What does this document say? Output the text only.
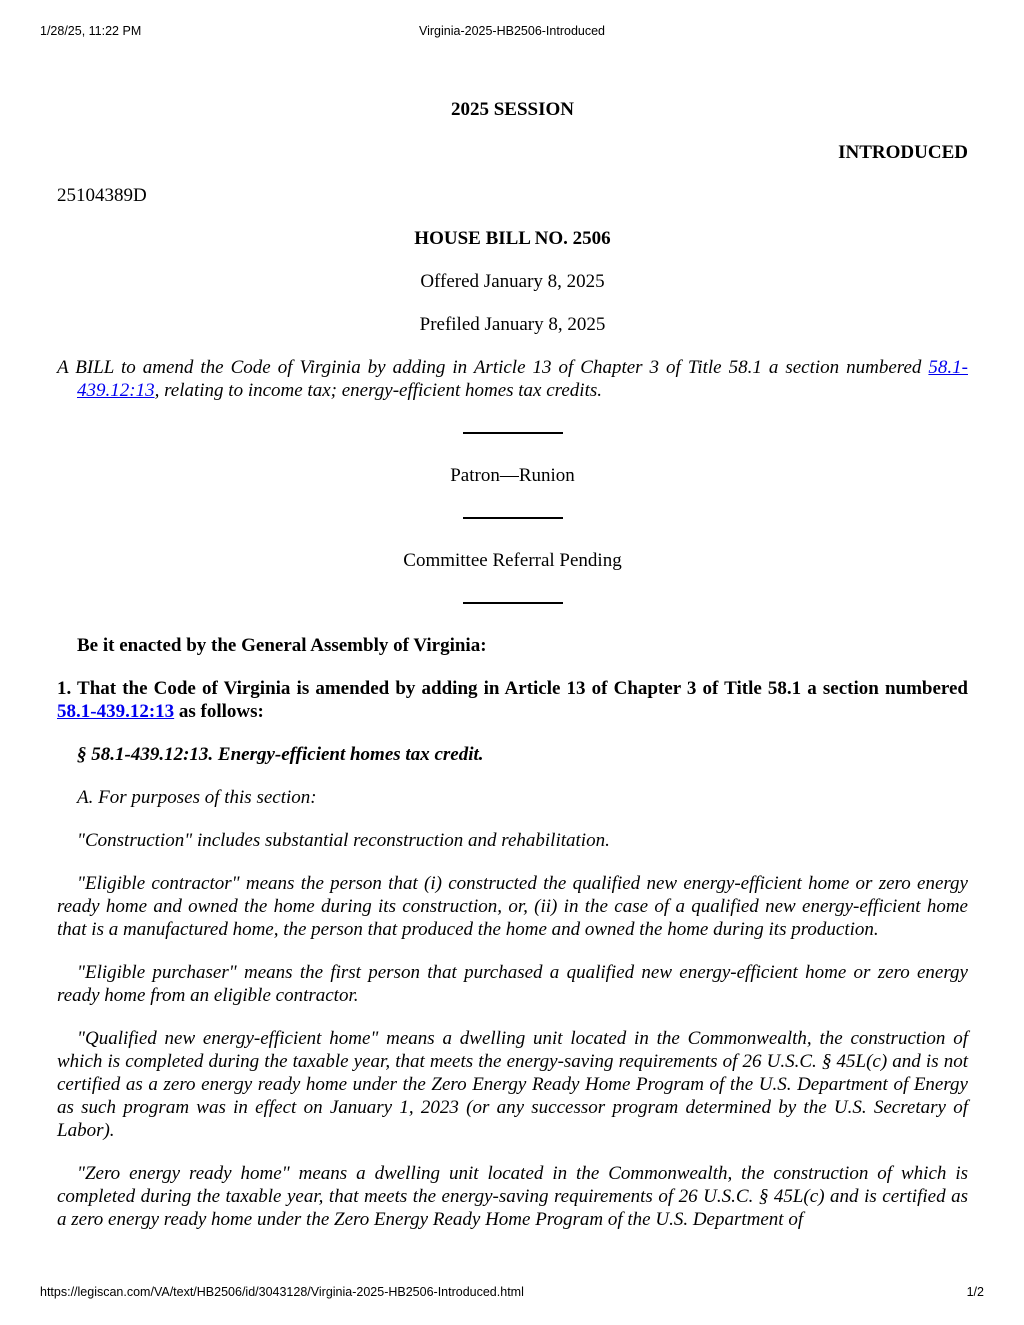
1/28/25, 11:22 PM	Virginia-2025-HB2506-Introduced

2025 SESSION

INTRODUCED

25104389D

HOUSE BILL NO. 2506

Offered January 8, 2025

Prefiled January 8, 2025

A BILL to amend the Code of Virginia by adding in Article 13 of Chapter 3 of Title 58.1 a section numbered 58.1-439.12:13, relating to income tax; energy-efficient homes tax credits.

Patron—Runion

Committee Referral Pending

Be it enacted by the General Assembly of Virginia:

1. That the Code of Virginia is amended by adding in Article 13 of Chapter 3 of Title 58.1 a section numbered 58.1-439.12:13 as follows:

§ 58.1-439.12:13. Energy-efficient homes tax credit.

A. For purposes of this section:

"Construction" includes substantial reconstruction and rehabilitation.

"Eligible contractor" means the person that (i) constructed the qualified new energy-efficient home or zero energy ready home and owned the home during its construction, or, (ii) in the case of a qualified new energy-efficient home that is a manufactured home, the person that produced the home and owned the home during its production.

"Eligible purchaser" means the first person that purchased a qualified new energy-efficient home or zero energy ready home from an eligible contractor.

"Qualified new energy-efficient home" means a dwelling unit located in the Commonwealth, the construction of which is completed during the taxable year, that meets the energy-saving requirements of 26 U.S.C. § 45L(c) and is not certified as a zero energy ready home under the Zero Energy Ready Home Program of the U.S. Department of Energy as such program was in effect on January 1, 2023 (or any successor program determined by the U.S. Secretary of Labor).

"Zero energy ready home" means a dwelling unit located in the Commonwealth, the construction of which is completed during the taxable year, that meets the energy-saving requirements of 26 U.S.C. § 45L(c) and is certified as a zero energy ready home under the Zero Energy Ready Home Program of the U.S. Department of

https://legiscan.com/VA/text/HB2506/id/3043128/Virginia-2025-HB2506-Introduced.html	1/2
